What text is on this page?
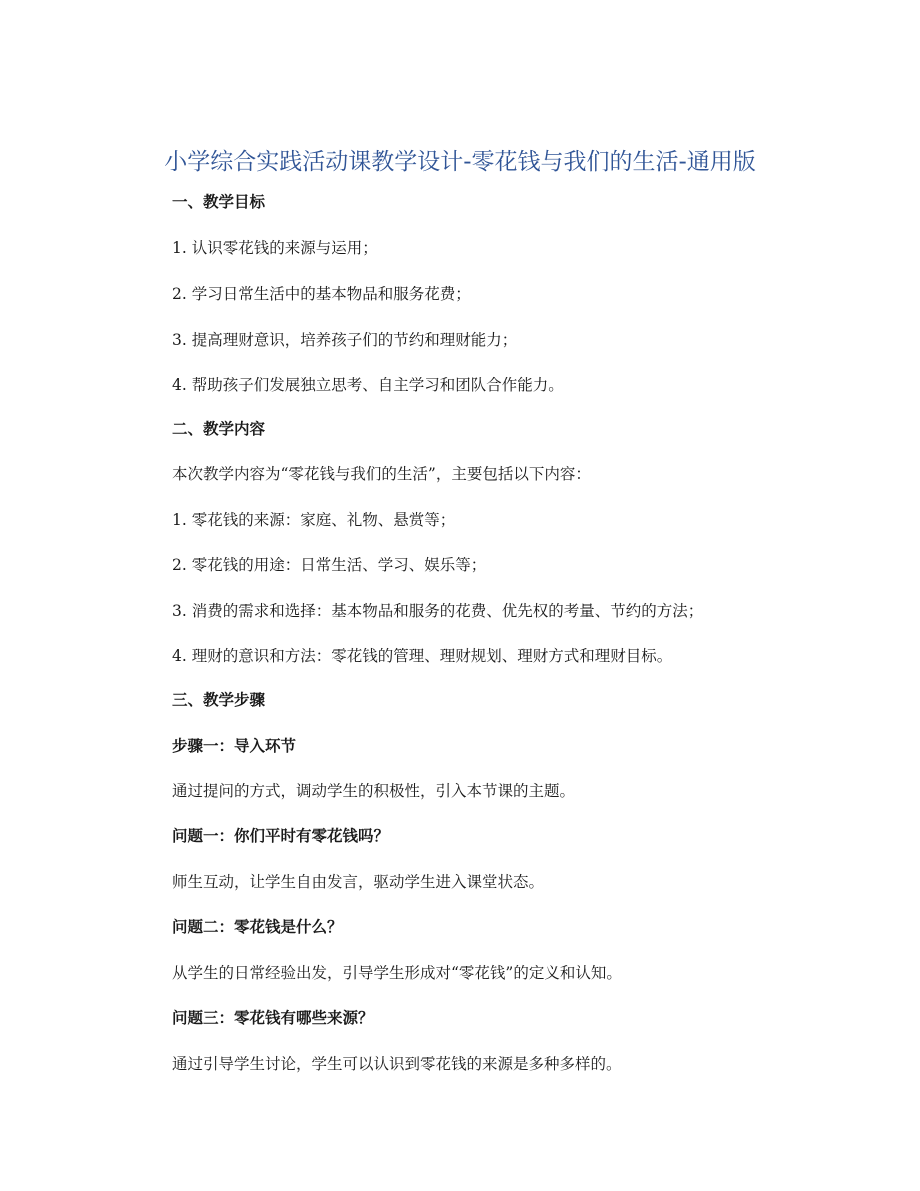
小学综合实践活动课教学设计-零花钱与我们的生活-通用版
一、教学目标
1. 认识零花钱的来源与运用；
2. 学习日常生活中的基本物品和服务花费；
3. 提高理财意识，培养孩子们的节约和理财能力；
4. 帮助孩子们发展独立思考、自主学习和团队合作能力。
二、教学内容
本次教学内容为“零花钱与我们的生活”，主要包括以下内容：
1. 零花钱的来源：家庭、礼物、悬赏等；
2. 零花钱的用途：日常生活、学习、娱乐等；
3. 消费的需求和选择：基本物品和服务的花费、优先权的考量、节约的方法；
4. 理财的意识和方法：零花钱的管理、理财规划、理财方式和理财目标。
三、教学步骤
步骤一：导入环节
通过提问的方式，调动学生的积极性，引入本节课的主题。
问题一：你们平时有零花钱吗？
师生互动，让学生自由发言，驱动学生进入课堂状态。
问题二：零花钱是什么？
从学生的日常经验出发，引导学生形成对“零花钱”的定义和认知。
问题三：零花钱有哪些来源？
通过引导学生讨论，学生可以认识到零花钱的来源是多种多样的。
